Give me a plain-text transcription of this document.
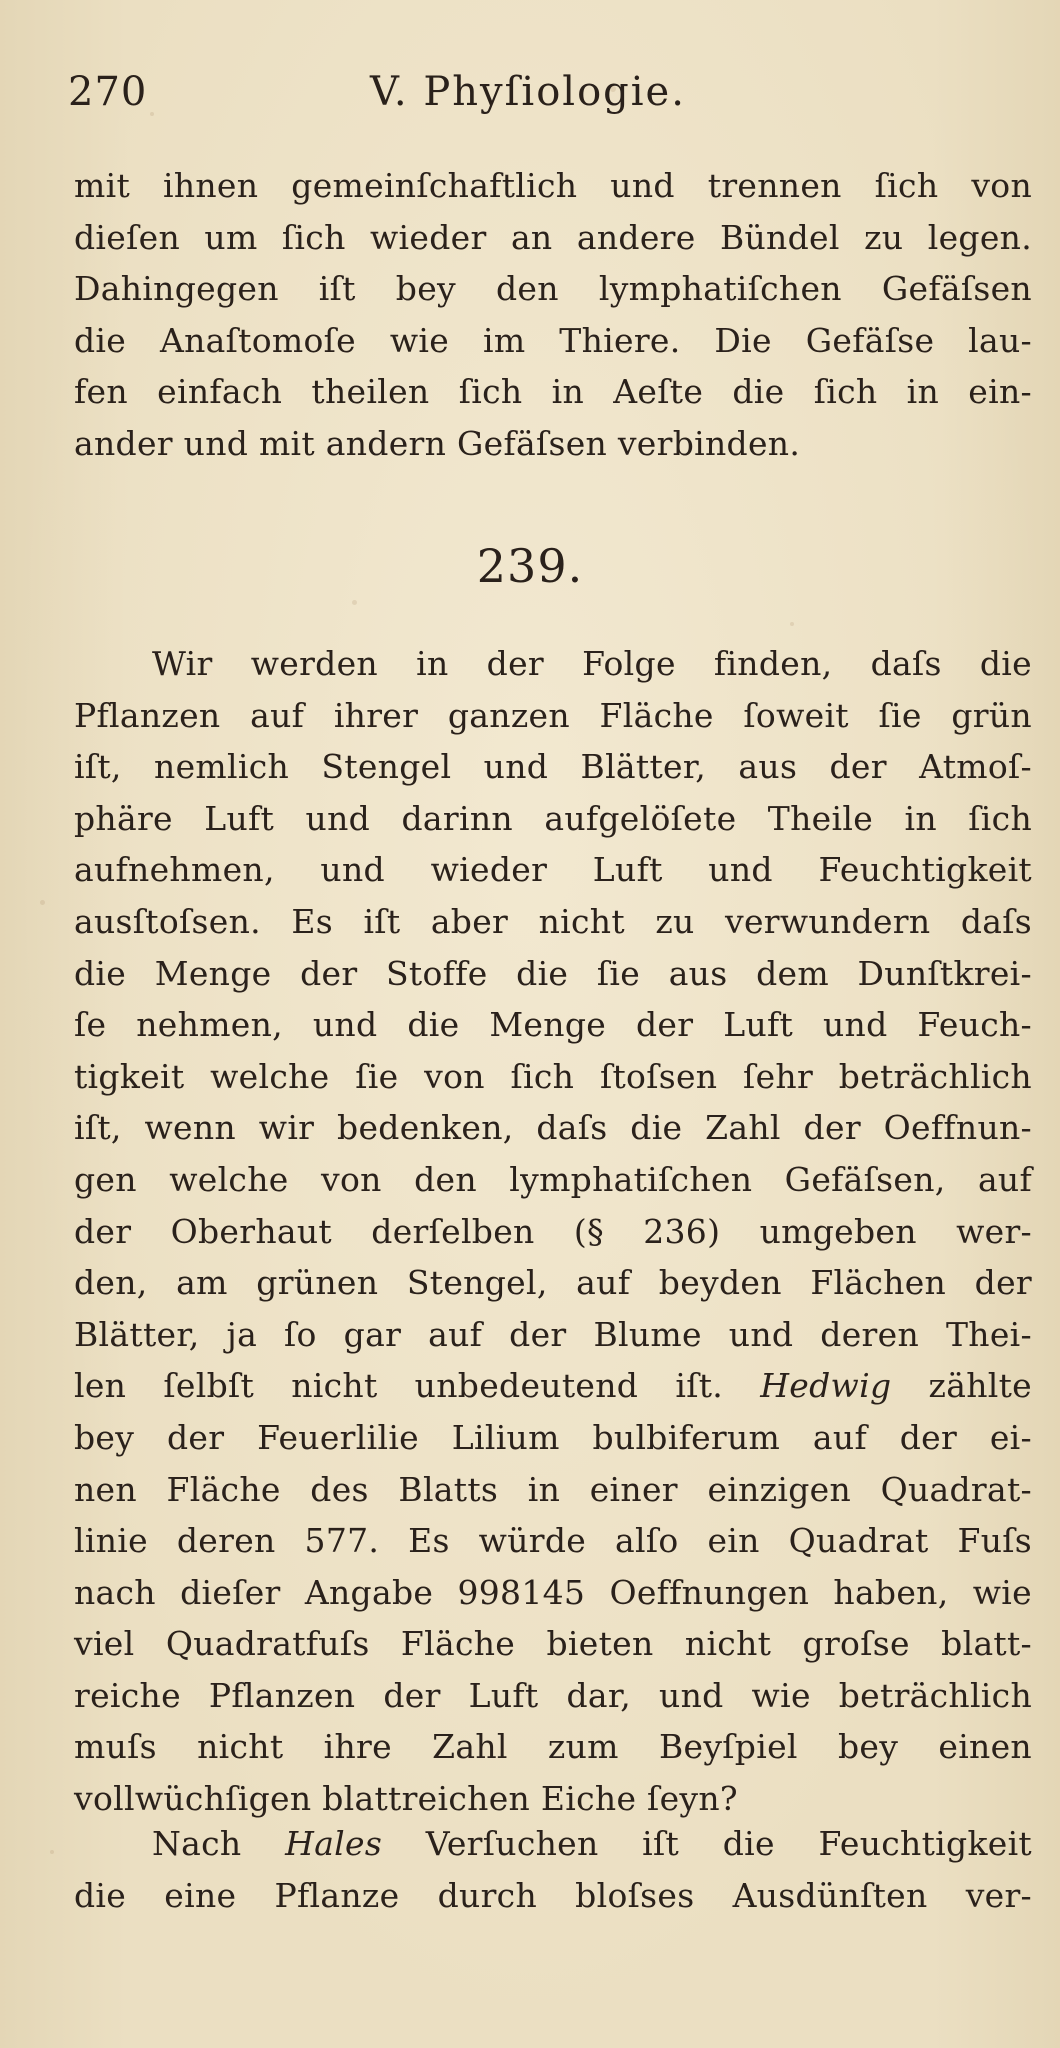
270	V. Phyſiologie.
mit ihnen gemeinſchaftlich und trennen ſich von
dieſen um ſich wieder an andere Bündel zu legen.
Dahingegen iſt bey den lymphatiſchen Gefäſsen
die Anaſtomoſe wie im Thiere. Die Gefäſse lau-
fen einfach theilen ſich in Aeſte die ſich in ein-
ander und mit andern Gefäſsen verbinden.
239.
Wir werden in der Folge finden, daſs die
Pflanzen auf ihrer ganzen Fläche ſoweit ſie grün
iſt, nemlich Stengel und Blätter, aus der Atmoſ-
phäre Luft und darinn aufgelöſete Theile in ſich
aufnehmen, und wieder Luft und Feuchtigkeit
ausſtoſsen. Es iſt aber nicht zu verwundern daſs
die Menge der Stoffe die ſie aus dem Dunſtkrei-
ſe nehmen, und die Menge der Luft und Feuch-
tigkeit welche ſie von ſich ſtoſsen ſehr beträchlich
iſt, wenn wir bedenken, daſs die Zahl der Oeffnun-
gen welche von den lymphatiſchen Gefäſsen, auf
der Oberhaut derſelben (§ 236) umgeben wer-
den, am grünen Stengel, auf beyden Flächen der
Blätter, ja ſo gar auf der Blume und deren Thei-
len ſelbſt nicht unbedeutend iſt. Hedwig zählte
bey der Feuerlilie Lilium bulbiferum auf der ei-
nen Fläche des Blatts in einer einzigen Quadrat-
linie deren 577. Es würde alſo ein Quadrat Fuſs
nach dieſer Angabe 998145 Oeffnungen haben, wie
viel Quadratfuſs Fläche bieten nicht groſse blatt-
reiche Pflanzen der Luft dar, und wie beträchlich
muſs nicht ihre Zahl zum Beyſpiel bey einen
vollwüchſigen blattreichen Eiche ſeyn?
Nach Hales Verſuchen iſt die Feuchtigkeit
die eine Pflanze durch bloſses Ausdünſten ver-
